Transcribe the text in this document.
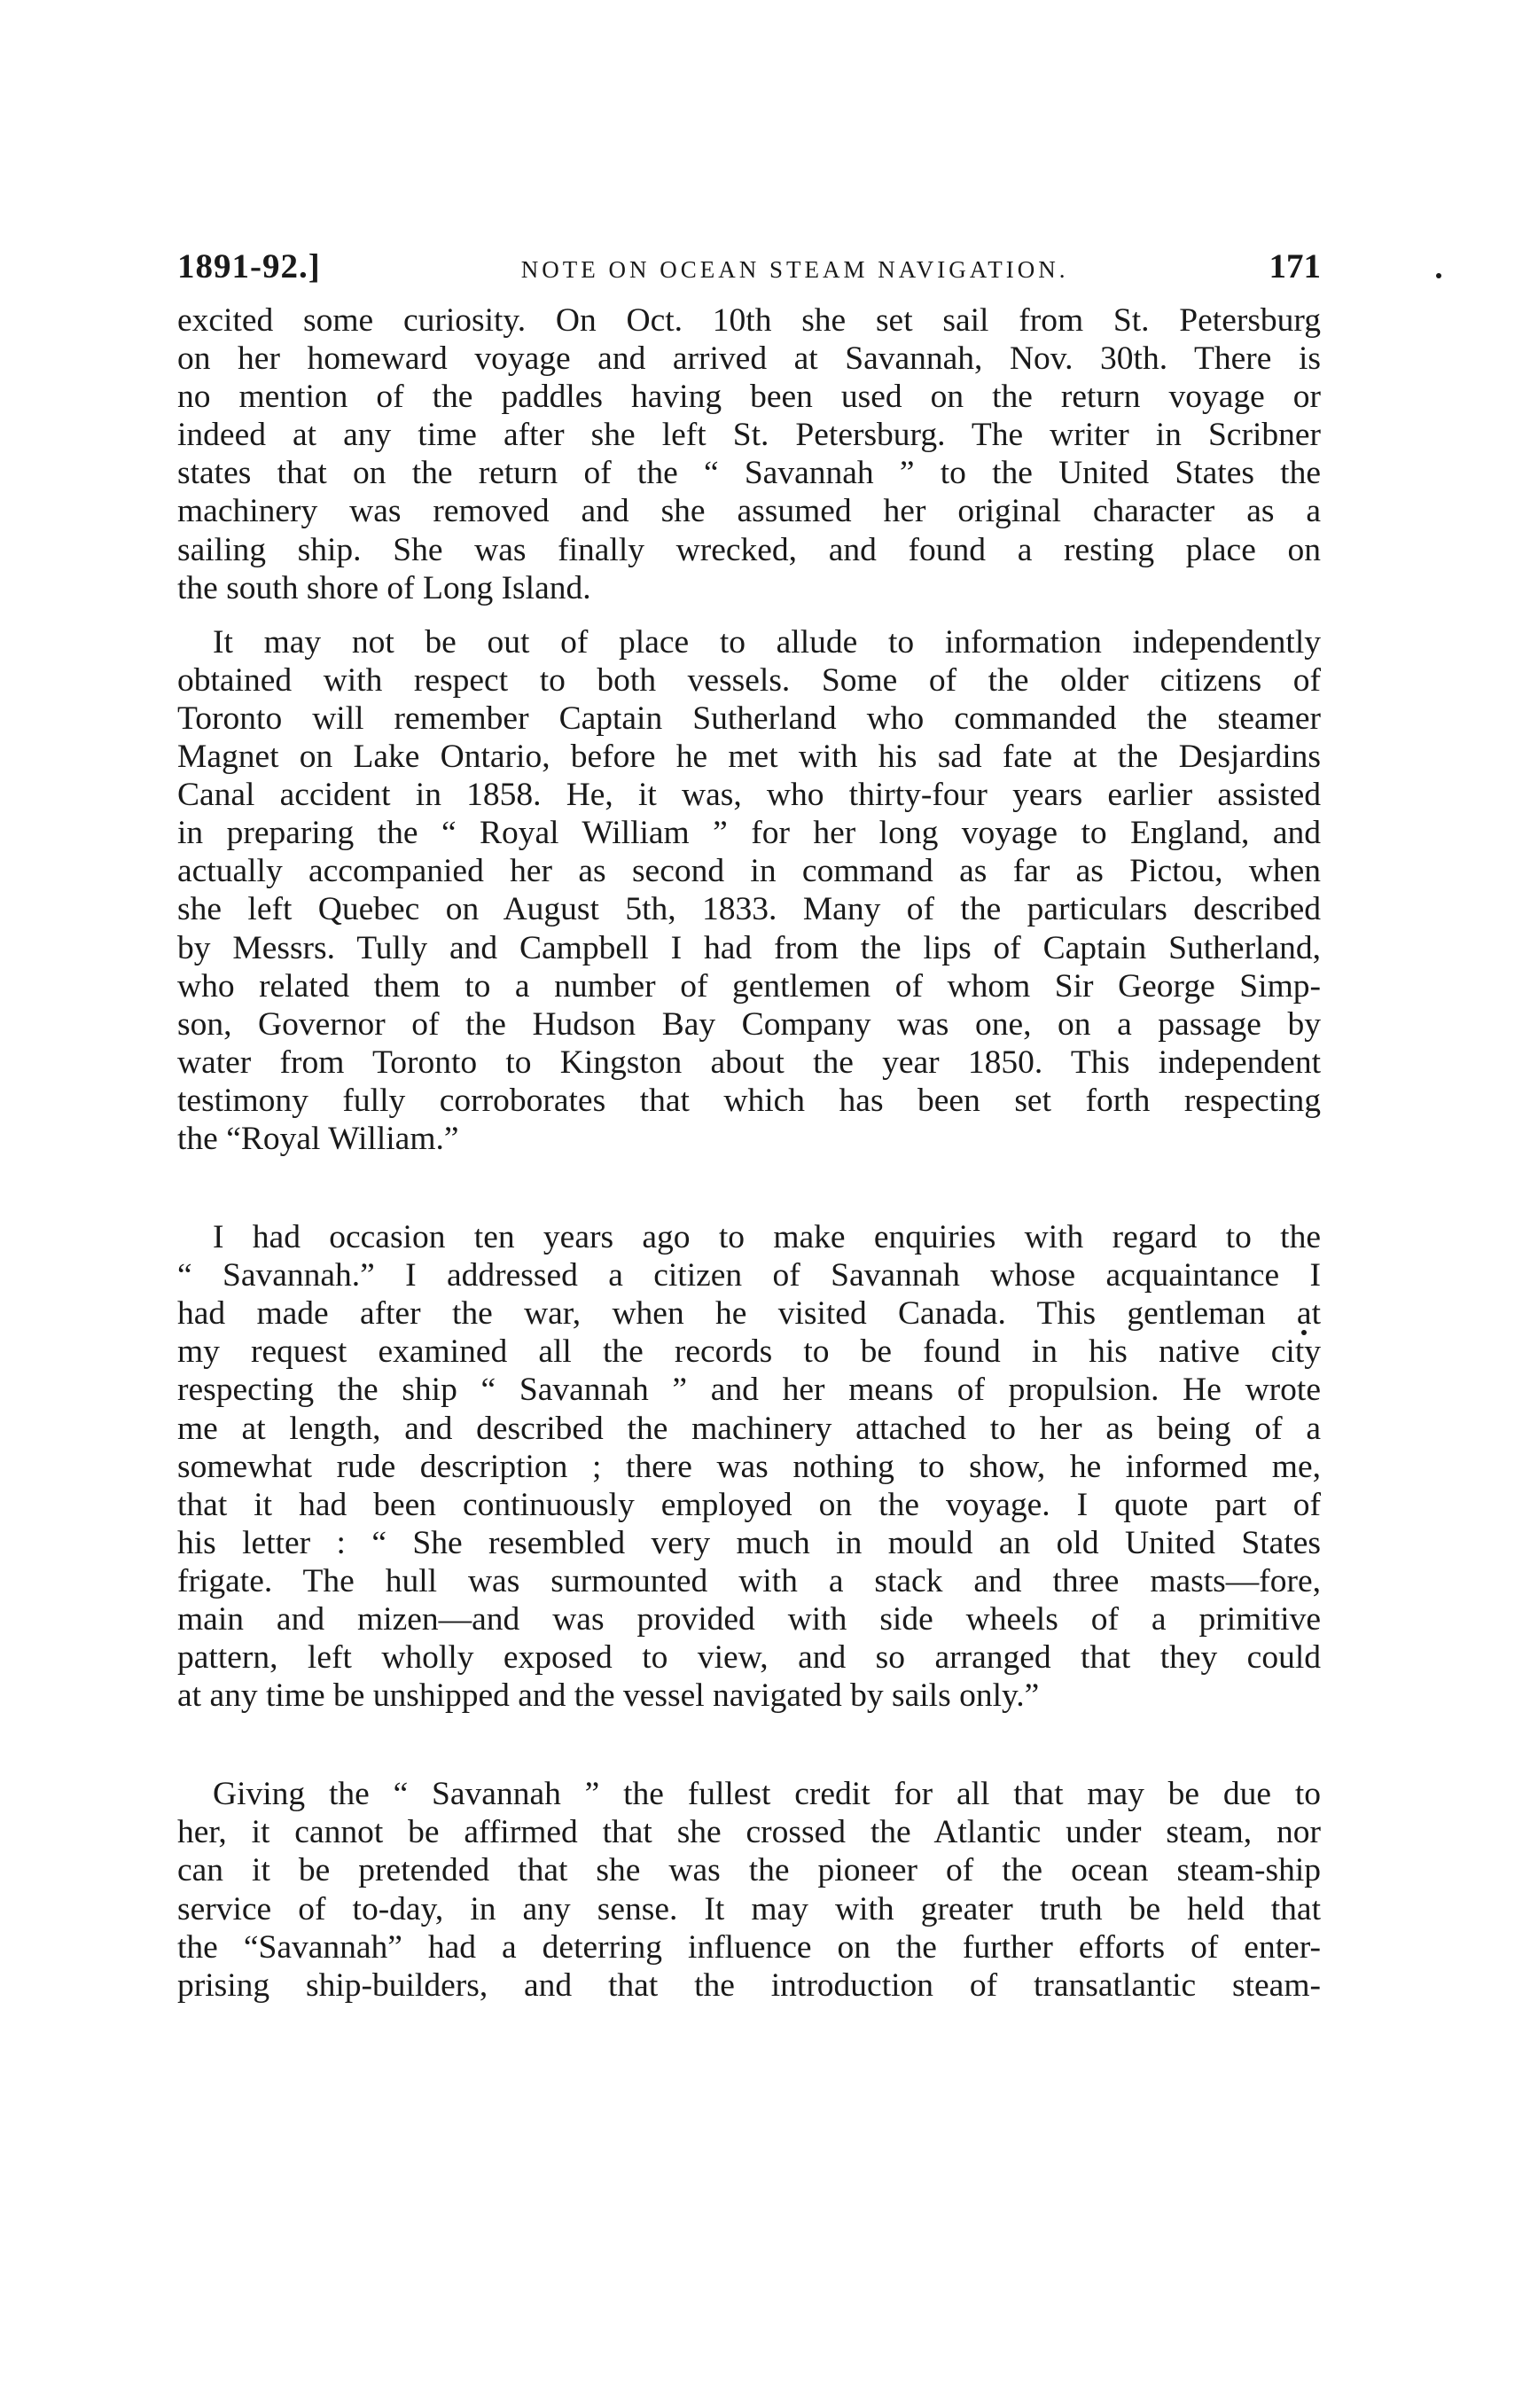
1891-92.]	NOTE ON OCEAN STEAM NAVIGATION.	171

excited some curiosity. On Oct. 10th she set sail from St. Petersburg
on her homeward voyage and arrived at Savannah, Nov. 30th. There is
no mention of the paddles having been used on the return voyage or
indeed at any time after she left St. Petersburg. The writer in Scribner
states that on the return of the “ Savannah ” to the United States the
machinery was removed and she assumed her original character as a
sailing ship. She was finally wrecked, and found a resting place on
the south shore of Long Island.

It may not be out of place to allude to information independently
obtained with respect to both vessels. Some of the older citizens of
Toronto will remember Captain Sutherland who commanded the steamer
Magnet on Lake Ontario, before he met with his sad fate at the Desjardins
Canal accident in 1858. He, it was, who thirty-four years earlier assisted
in preparing the “ Royal William ” for her long voyage to England, and
actually accompanied her as second in command as far as Pictou, when
she left Quebec on August 5th, 1833. Many of the particulars described
by Messrs. Tully and Campbell I had from the lips of Captain Sutherland,
who related them to a number of gentlemen of whom Sir George Simp-
son, Governor of the Hudson Bay Company was one, on a passage by
water from Toronto to Kingston about the year 1850. This independent
testimony fully corroborates that which has been set forth respecting
the “Royal William.”

I had occasion ten years ago to make enquiries with regard to the
“ Savannah.” I addressed a citizen of Savannah whose acquaintance I
had made after the war, when he visited Canada. This gentleman at
my request examined all the records to be found in his native city
respecting the ship “ Savannah ” and her means of propulsion. He wrote
me at length, and described the machinery attached to her as being of a
somewhat rude description ; there was nothing to show, he informed me,
that it had been continuously employed on the voyage. I quote part of
his letter : “ She resembled very much in mould an old United States
frigate. The hull was surmounted with a stack and three masts—fore,
main and mizen—and was provided with side wheels of a primitive
pattern, left wholly exposed to view, and so arranged that they could
at any time be unshipped and the vessel navigated by sails only.”

Giving the “ Savannah ” the fullest credit for all that may be due to
her, it cannot be affirmed that she crossed the Atlantic under steam, nor
can it be pretended that she was the pioneer of the ocean steam-ship
service of to-day, in any sense. It may with greater truth be held that
the “Savannah” had a deterring influence on the further efforts of enter-
prising ship-builders, and that the introduction of transatlantic steam-
